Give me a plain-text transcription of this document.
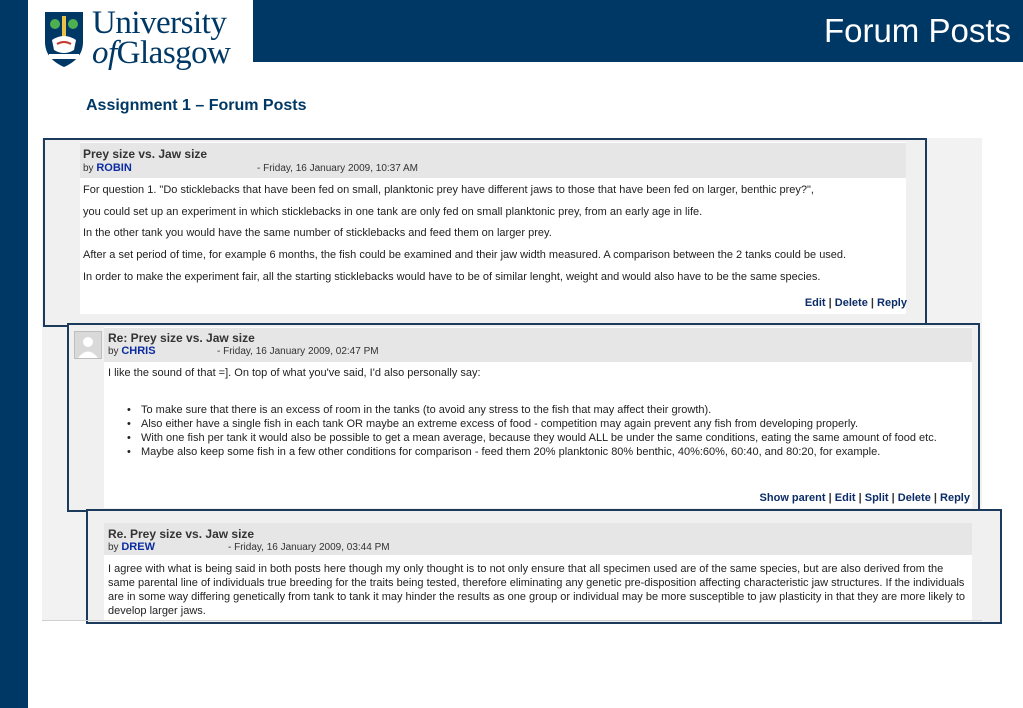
University
ofGlasgow
Forum Posts
Assignment 1 – Forum Posts
Prey size vs. Jaw size
by ROBIN	- Friday, 16 January 2009, 10:37 AM
For question 1. "Do sticklebacks that have been fed on small, planktonic prey have different jaws to those that have been fed on larger, benthic prey?",
you could set up an experiment in which sticklebacks in one tank are only fed on small planktonic prey, from an early age in life.
In the other tank you would have the same number of sticklebacks and feed them on larger prey.
After a set period of time, for example 6 months, the fish could be examined and their jaw width measured. A comparison between the 2 tanks could be used.
In order to make the experiment fair, all the starting sticklebacks would have to be of similar lenght, weight and would also have to be the same species.
Edit | Delete | Reply
Re: Prey size vs. Jaw size
by CHRIS	- Friday, 16 January 2009, 02:47 PM
I like the sound of that =]. On top of what you've said, I'd also personally say:
• To make sure that there is an excess of room in the tanks (to avoid any stress to the fish that may affect their growth).
• Also either have a single fish in each tank OR maybe an extreme excess of food - competition may again prevent any fish from developing properly.
• With one fish per tank it would also be possible to get a mean average, because they would ALL be under the same conditions, eating the same amount of food etc.
• Maybe also keep some fish in a few other conditions for comparison - feed them 20% planktonic 80% benthic, 40%:60%, 60:40, and 80:20, for example.
Show parent | Edit | Split | Delete | Reply
Re. Prey size vs. Jaw size
by DREW	- Friday, 16 January 2009, 03:44 PM
I agree with what is being said in both posts here though my only thought is to not only ensure that all specimen used are of the same species, but are also derived from the same parental line of individuals true breeding for the traits being tested, therefore eliminating any genetic pre-disposition affecting characteristic jaw structures. If the individuals are in some way differing genetically from tank to tank it may hinder the results as one group or individual may be more susceptible to jaw plasticity in that they are more likely to develop larger jaws.
